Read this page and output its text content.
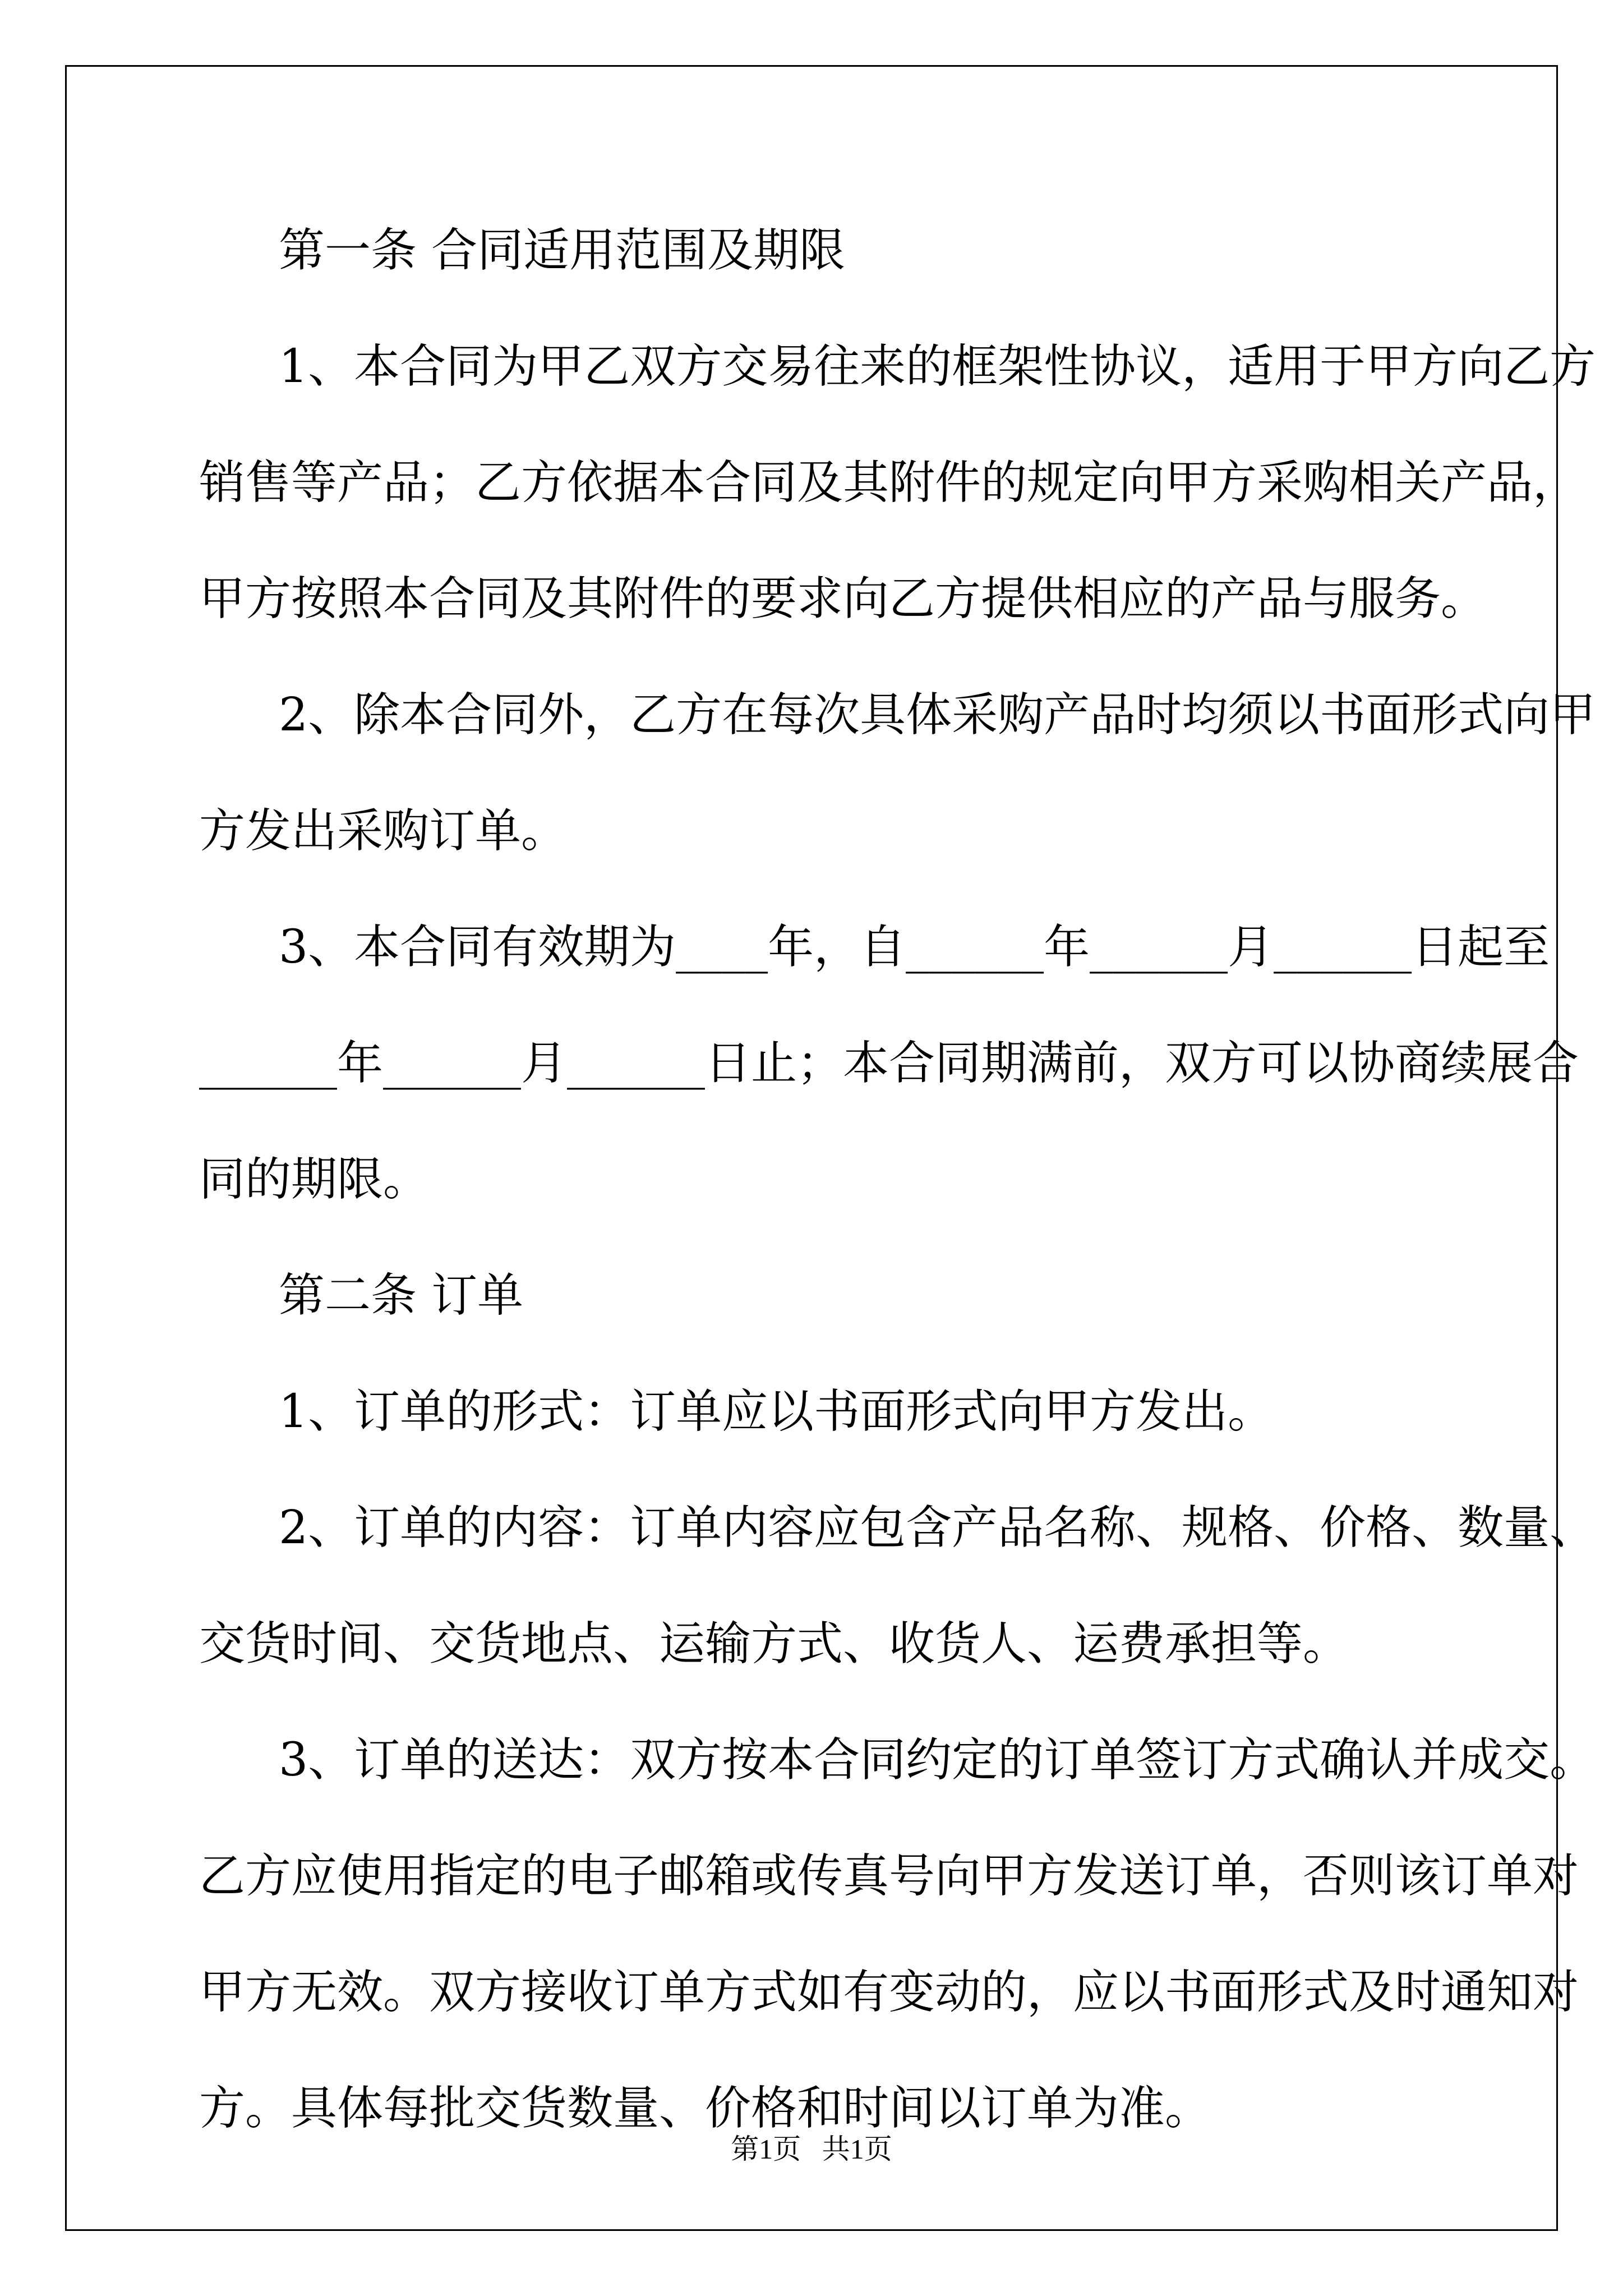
第一条 合同适用范围及期限
1、本合同为甲乙双方交易往来的框架性协议，适用于甲方向乙方
销售等产品；乙方依据本合同及其附件的规定向甲方采购相关产品，
甲方按照本合同及其附件的要求向乙方提供相应的产品与服务。
2、除本合同外，乙方在每次具体采购产品时均须以书面形式向甲
方发出采购订单。
3、本合同有效期为____年，自______年______月______日起至
______年______月______日止；本合同期满前，双方可以协商续展合
同的期限。
第二条 订单
1、订单的形式：订单应以书面形式向甲方发出。
2、订单的内容：订单内容应包含产品名称、规格、价格、数量、
交货时间、交货地点、运输方式、收货人、运费承担等。
3、订单的送达：双方按本合同约定的订单签订方式确认并成交。
乙方应使用指定的电子邮箱或传真号向甲方发送订单，否则该订单对
甲方无效。双方接收订单方式如有变动的，应以书面形式及时通知对
方。具体每批交货数量、价格和时间以订单为准。
第1页   共1页
